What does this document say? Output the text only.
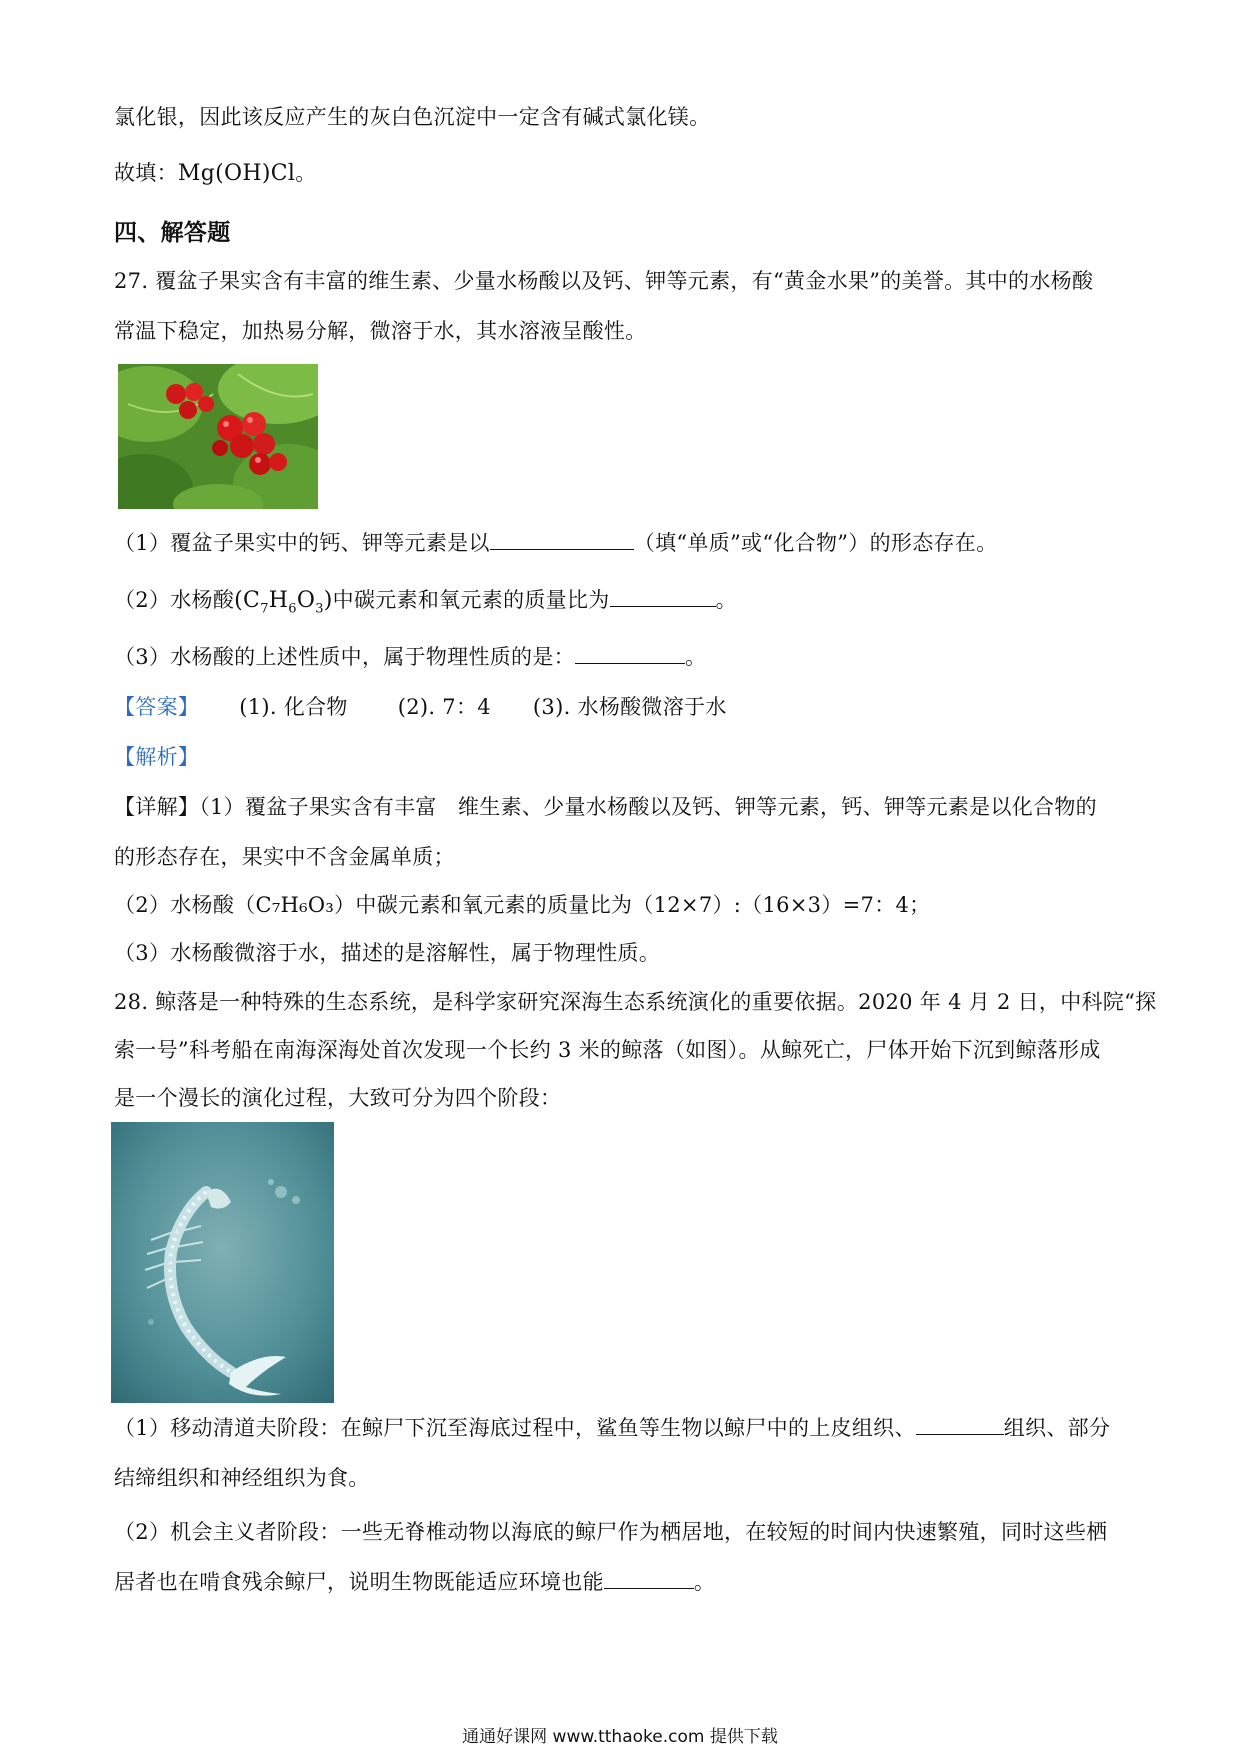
氯化银，因此该反应产生的灰白色沉淀中一定含有碱式氯化镁。
故填：Mg(OH)Cl。
四、解答题
27. 覆盆子果实含有丰富的维生素、少量水杨酸以及钙、钾等元素，有“黄金水果”的美誉。其中的水杨酸
常温下稳定，加热易分解，微溶于水，其水溶液呈酸性。
（1）覆盆子果实中的钙、钾等元素是以	（填“单质”或“化合物”）的形态存在。
（2）水杨酸$(C_7H_6O_3)$中碳元素和氧元素的质量比为	。
（3）水杨酸的上述性质中，属于物理性质的是：	。
【答案】 (1). 化合物 (2). 7：4 (3). 水杨酸微溶于水
【解析】
【详解】（1）覆盆子果实含有丰富　维生素、少量水杨酸以及钙、钾等元素，钙、钾等元素是以化合物的
的形态存在，果实中不含金属单质；
（2）水杨酸（C₇H₆O₃）中碳元素和氧元素的质量比为（12×7）:（16×3）=7：4；
（3）水杨酸微溶于水，描述的是溶解性，属于物理性质。
28. 鲸落是一种特殊的生态系统，是科学家研究深海生态系统演化的重要依据。2020 年 4 月 2 日，中科院“探
索一号”科考船在南海深海处首次发现一个长约 3 米的鲸落（如图）。从鲸死亡，尸体开始下沉到鲸落形成
是一个漫长的演化过程，大致可分为四个阶段：
（1）移动清道夫阶段：在鲸尸下沉至海底过程中，鲨鱼等生物以鲸尸中的上皮组织、	组织、部分
结缔组织和神经组织为食。
（2）机会主义者阶段：一些无脊椎动物以海底的鲸尸作为栖居地，在较短的时间内快速繁殖，同时这些栖
居者也在啃食残余鲸尸，说明生物既能适应环境也能	。
通通好课网 www.tthaoke.com 提供下载
